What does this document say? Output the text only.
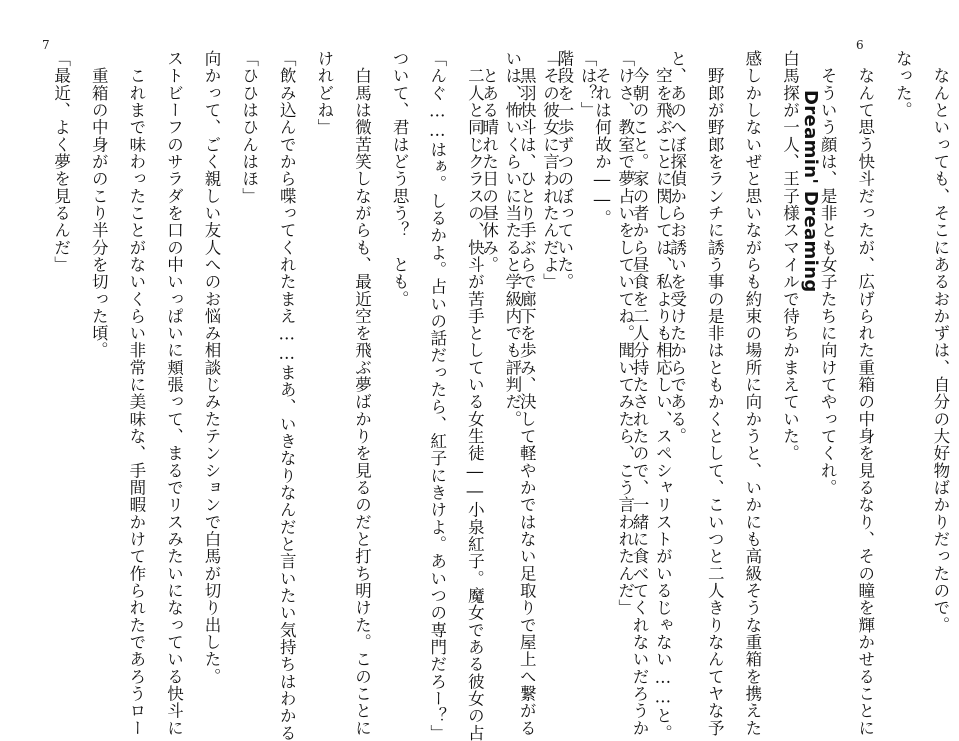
7

　空を飛ぶことに関しては、私よりも相応しい、スペシャリストがいるじゃない……と。

「けさ、教室で夢占いをしていてね。聞いてみたら、こう言われたんだ」

「は？」

「その彼女に言われたんだよ」

いは、怖いくらいに当たると学級内でも評判だ。

　二人と同じクラスの、快斗が苦手としている女生徒――小泉紅子。魔女である彼女の占

「んぐ……はぁ。しるかよ。占いの話だったら、紅子にきけよ。あいつの専門だろー？」

ついて、君はどう思う？　とも。

　白馬は微苦笑しながらも、最近空を飛ぶ夢ばかりを見るのだと打ち明けた。このことに

けれどね」

「飲み込んでから喋ってくれたまえ……まあ、いきなりなんだと言いたい気持ちはわかる

「ひひはひんはほ」

向かって、ごく親しい友人へのお悩み相談じみたテンションで白馬が切り出した。

ストビーフのサラダを口の中いっぱいに頬張って、まるでリスみたいになっている快斗に

　これまで味わったことがないくらい非常に美味な、手間暇かけて作られたであろうロー

　重箱の中身がのこり半分を切った頃。

「最近、よく夢を見るんだ」

6
Dreamin' Dreaming	　なんといっても、そこにあるおかずは、自分の大好物ばかりだったので。

なった。

　なんて思う快斗だったが、広げられた重箱の中身を見るなり、その瞳を輝かせることに

　そういう顔は、是非とも女子たちに向けてやってくれ。

白馬探が一人、王子様スマイルで待ちかまえていた。

感しかしないぜと思いながらも約束の場所に向かうと、いかにも高級そうな重箱を携えた

　野郎が野郎をランチに誘う事の是非はともかくとして、こいつと二人きりなんてヤな予

と、あのへぼ探偵からお誘いを受けたからである。

　今朝のこと。家の者から昼食を二人分持たされたので、一緒に食べてくれないだろうか

　それは何故か――。

階段を一歩ずつのぼっていた。

　黒羽快斗は、ひとり手ぶらで廊下を歩み、決して軽やかではない足取りで屋上へ繋がる

　とある晴れた日の昼休み。
